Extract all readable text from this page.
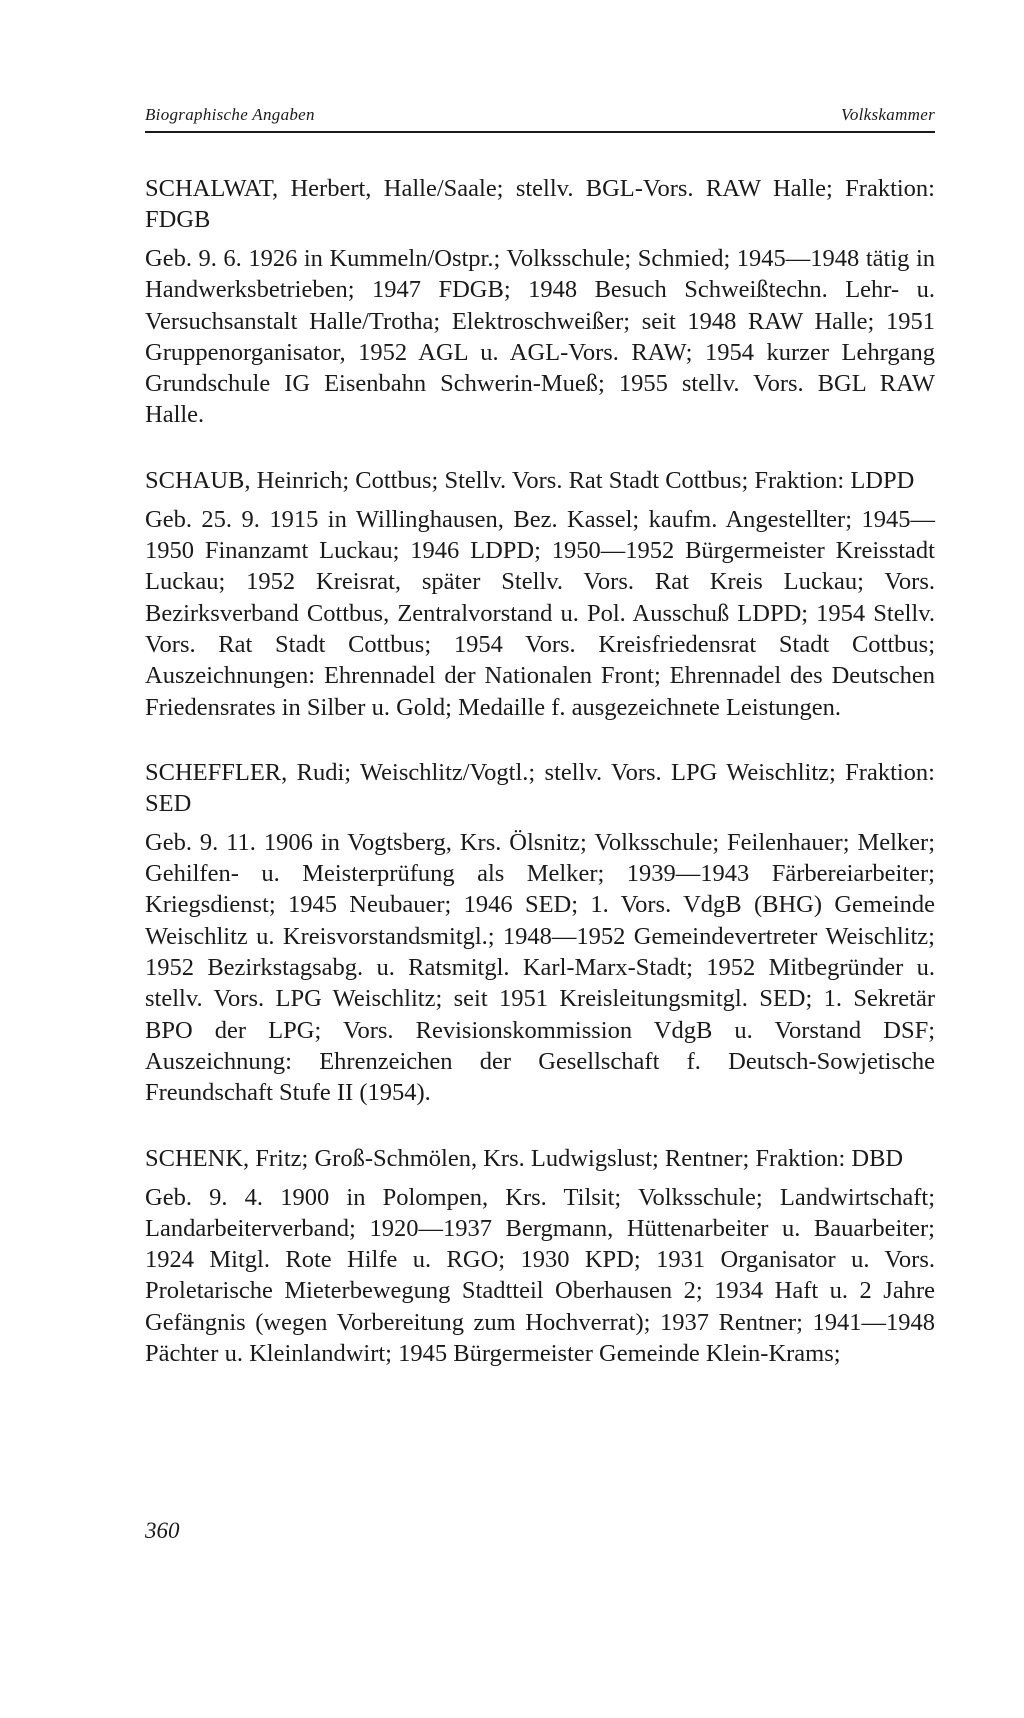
Biographische Angaben	Volkskammer

SCHALWAT, Herbert, Halle/Saale; stellv. BGL-Vors. RAW Halle; Fraktion: FDGB

Geb. 9. 6. 1926 in Kummeln/Ostpr.; Volksschule; Schmied; 1945—1948 tätig in Handwerksbetrieben; 1947 FDGB; 1948 Besuch Schweißtechn. Lehr- u. Versuchsanstalt Halle/Trotha; Elektroschweißer; seit 1948 RAW Halle; 1951 Gruppenorganisator, 1952 AGL u. AGL-Vors. RAW; 1954 kurzer Lehrgang Grundschule IG Eisenbahn Schwerin-Mueß; 1955 stellv. Vors. BGL RAW Halle.

SCHAUB, Heinrich; Cottbus; Stellv. Vors. Rat Stadt Cottbus; Fraktion: LDPD

Geb. 25. 9. 1915 in Willinghausen, Bez. Kassel; kaufm. Angestellter; 1945—1950 Finanzamt Luckau; 1946 LDPD; 1950—1952 Bürgermeister Kreisstadt Luckau; 1952 Kreisrat, später Stellv. Vors. Rat Kreis Luckau; Vors. Bezirksverband Cottbus, Zentralvorstand u. Pol. Ausschuß LDPD; 1954 Stellv. Vors. Rat Stadt Cottbus; 1954 Vors. Kreisfriedensrat Stadt Cottbus; Auszeichnungen: Ehrennadel der Nationalen Front; Ehrennadel des Deutschen Friedensrates in Silber u. Gold; Medaille f. ausgezeichnete Leistungen.

SCHEFFLER, Rudi; Weischlitz/Vogtl.; stellv. Vors. LPG Weischlitz; Fraktion: SED

Geb. 9. 11. 1906 in Vogtsberg, Krs. Ölsnitz; Volksschule; Feilenhauer; Melker; Gehilfen- u. Meisterprüfung als Melker; 1939—1943 Färbereiarbeiter; Kriegsdienst; 1945 Neubauer; 1946 SED; 1. Vors. VdgB (BHG) Gemeinde Weischlitz u. Kreisvorstandsmitgl.; 1948—1952 Gemeindevertreter Weischlitz; 1952 Bezirkstagsabg. u. Ratsmitgl. Karl-Marx-Stadt; 1952 Mitbegründer u. stellv. Vors. LPG Weischlitz; seit 1951 Kreisleitungsmitgl. SED; 1. Sekretär BPO der LPG; Vors. Revisionskommission VdgB u. Vorstand DSF; Auszeichnung: Ehrenzeichen der Gesellschaft f. Deutsch-Sowjetische Freundschaft Stufe II (1954).

SCHENK, Fritz; Groß-Schmölen, Krs. Ludwigslust; Rentner; Fraktion: DBD

Geb. 9. 4. 1900 in Polompen, Krs. Tilsit; Volksschule; Landwirtschaft; Landarbeiterverband; 1920—1937 Bergmann, Hüttenarbeiter u. Bauarbeiter; 1924 Mitgl. Rote Hilfe u. RGO; 1930 KPD; 1931 Organisator u. Vors. Proletarische Mieterbewegung Stadtteil Oberhausen 2; 1934 Haft u. 2 Jahre Gefängnis (wegen Vorbereitung zum Hochverrat); 1937 Rentner; 1941—1948 Pächter u. Kleinlandwirt; 1945 Bürgermeister Gemeinde Klein-Krams;

360
